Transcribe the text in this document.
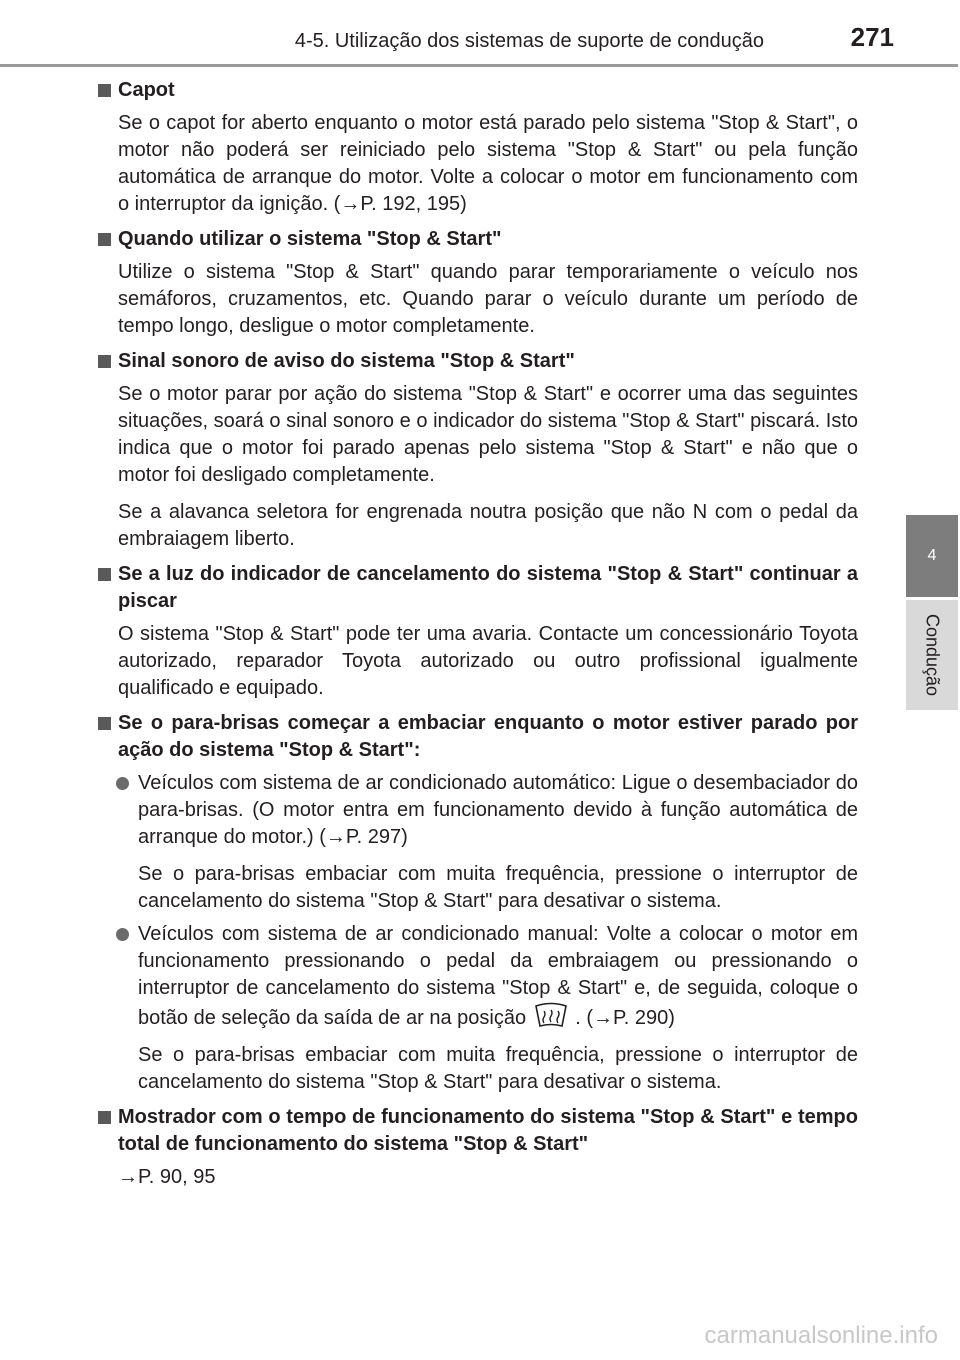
4-5. Utilização dos sistemas de suporte de condução	271
4
Condução
Capot
Se o capot for aberto enquanto o motor está parado pelo sistema "Stop & Start", o motor não poderá ser reiniciado pelo sistema "Stop & Start" ou pela função automática de arranque do motor. Volte a colocar o motor em funcionamento com o interruptor da ignição. (→P. 192, 195)
Quando utilizar o sistema "Stop & Start"
Utilize o sistema "Stop & Start" quando parar temporariamente o veículo nos semáforos, cruzamentos, etc. Quando parar o veículo durante um período de tempo longo, desligue o motor completamente.
Sinal sonoro de aviso do sistema "Stop & Start"
Se o motor parar por ação do sistema "Stop & Start" e ocorrer uma das seguintes situações, soará o sinal sonoro e o indicador do sistema "Stop & Start" piscará. Isto indica que o motor foi parado apenas pelo sistema "Stop & Start" e não que o motor foi desligado completamente.
Se a alavanca seletora for engrenada noutra posição que não N com o pedal da embraiagem liberto.
Se a luz do indicador de cancelamento do sistema "Stop & Start" continuar a piscar
O sistema "Stop & Start" pode ter uma avaria. Contacte um concessionário Toyota autorizado, reparador Toyota autorizado ou outro profissional igualmente qualificado e equipado.
Se o para-brisas começar a embaciar enquanto o motor estiver parado por ação do sistema "Stop & Start":
Veículos com sistema de ar condicionado automático: Ligue o desembaciador do para-brisas. (O motor entra em funcionamento devido à função automática de arranque do motor.) (→P. 297)
Se o para-brisas embaciar com muita frequência, pressione o interruptor de cancelamento do sistema "Stop & Start" para desativar o sistema.
Veículos com sistema de ar condicionado manual: Volte a colocar o motor em funcionamento pressionando o pedal da embraiagem ou pressionando o interruptor de cancelamento do sistema "Stop & Start" e, de seguida, coloque o botão de seleção da saída de ar na posição . (→P. 290)
Se o para-brisas embaciar com muita frequência, pressione o interruptor de cancelamento do sistema "Stop & Start" para desativar o sistema.
Mostrador com o tempo de funcionamento do sistema "Stop & Start" e tempo total de funcionamento do sistema "Stop & Start"
→P. 90, 95
carmanualsonline.info
